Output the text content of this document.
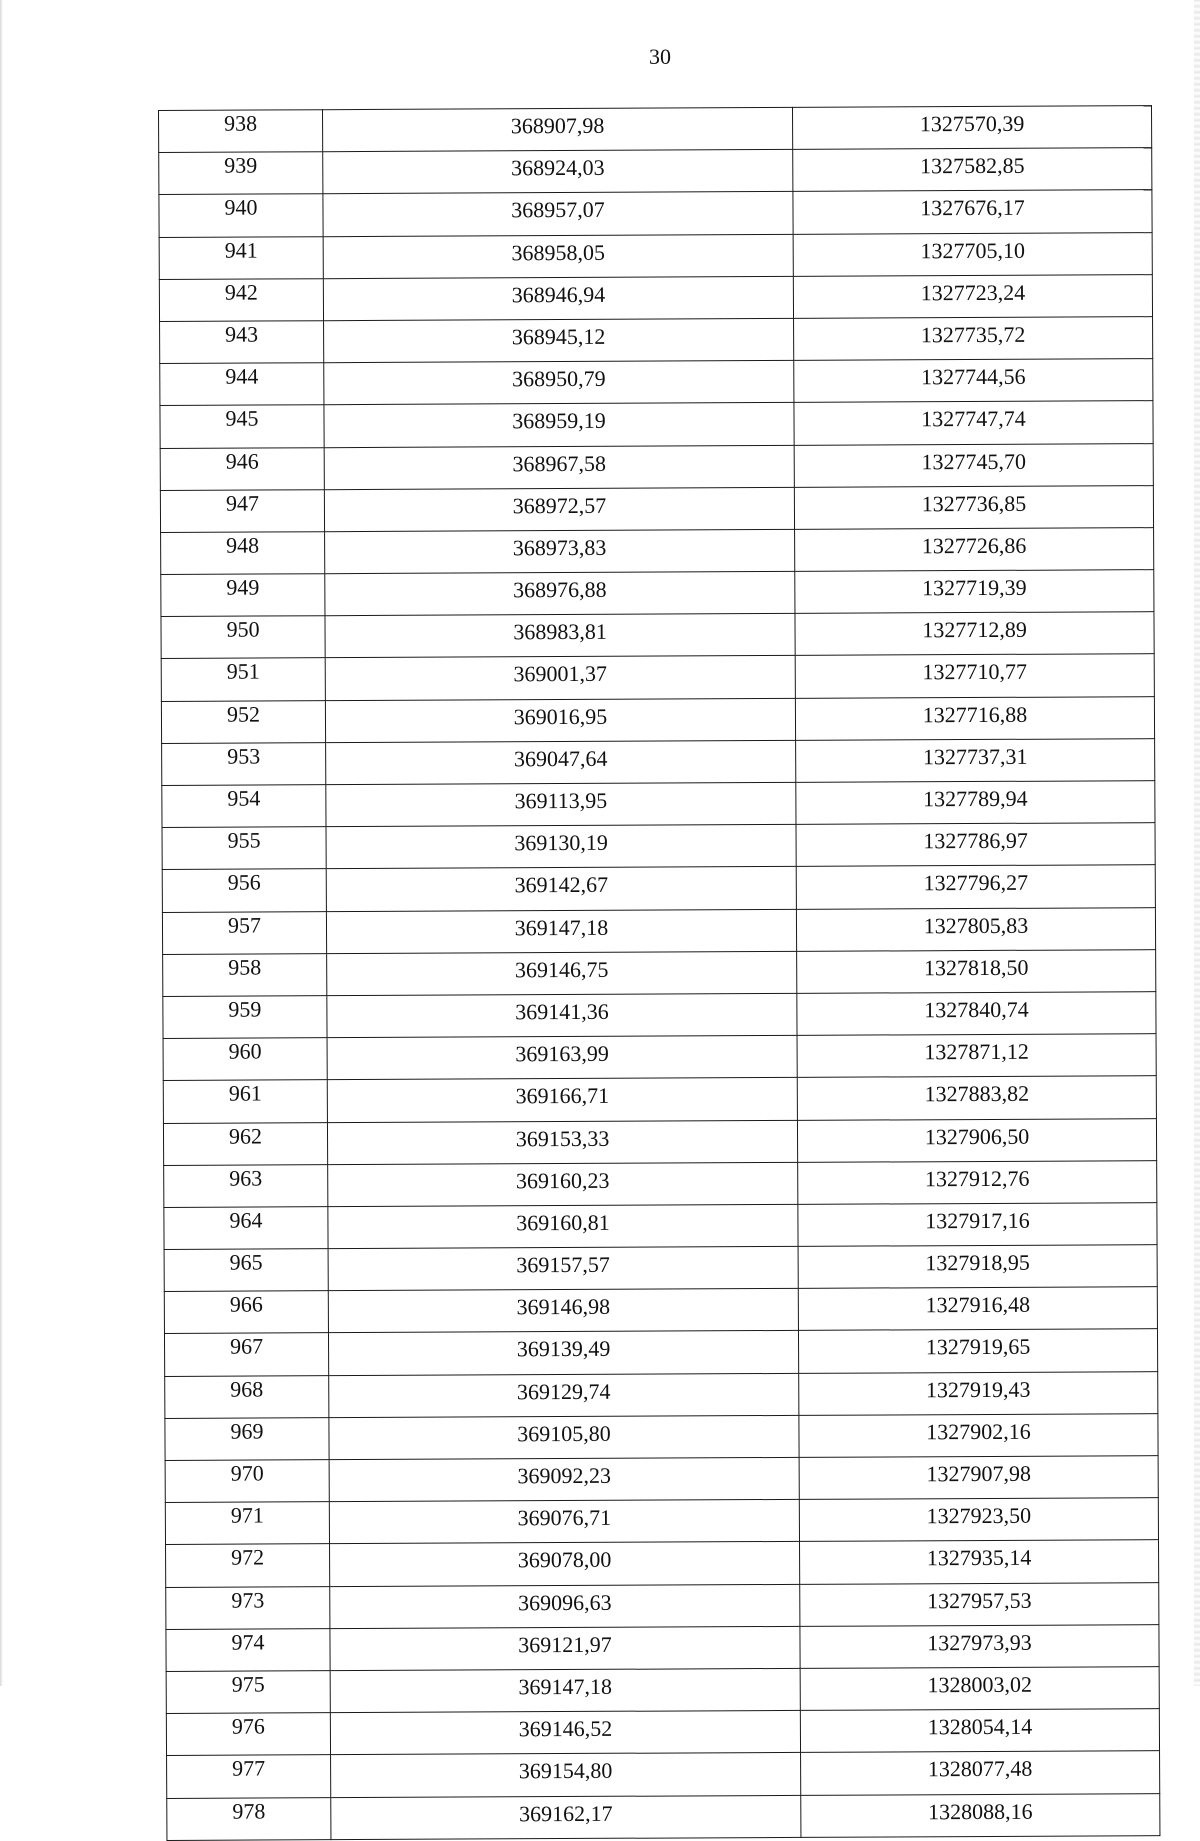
30
938	368907,98	1327570,39
939	368924,03	1327582,85
940	368957,07	1327676,17
941	368958,05	1327705,10
942	368946,94	1327723,24
943	368945,12	1327735,72
944	368950,79	1327744,56
945	368959,19	1327747,74
946	368967,58	1327745,70
947	368972,57	1327736,85
948	368973,83	1327726,86
949	368976,88	1327719,39
950	368983,81	1327712,89
951	369001,37	1327710,77
952	369016,95	1327716,88
953	369047,64	1327737,31
954	369113,95	1327789,94
955	369130,19	1327786,97
956	369142,67	1327796,27
957	369147,18	1327805,83
958	369146,75	1327818,50
959	369141,36	1327840,74
960	369163,99	1327871,12
961	369166,71	1327883,82
962	369153,33	1327906,50
963	369160,23	1327912,76
964	369160,81	1327917,16
965	369157,57	1327918,95
966	369146,98	1327916,48
967	369139,49	1327919,65
968	369129,74	1327919,43
969	369105,80	1327902,16
970	369092,23	1327907,98
971	369076,71	1327923,50
972	369078,00	1327935,14
973	369096,63	1327957,53
974	369121,97	1327973,93
975	369147,18	1328003,02
976	369146,52	1328054,14
977	369154,80	1328077,48
978	369162,17	1328088,16
